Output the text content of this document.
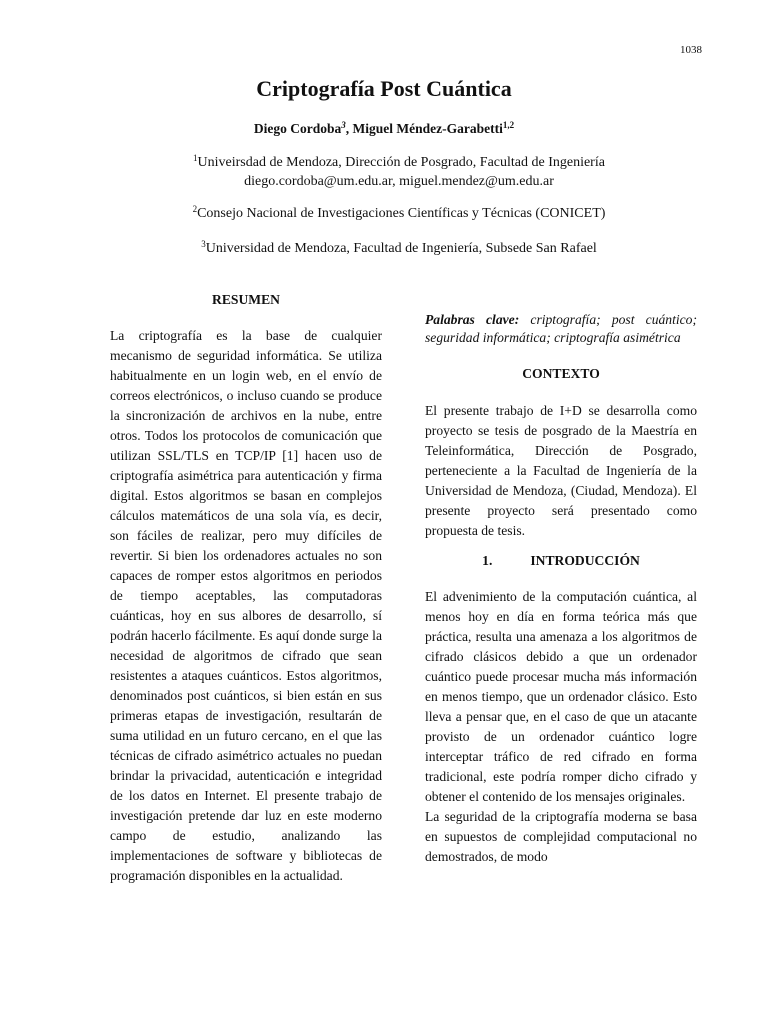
1038
Criptografía Post Cuántica
Diego Cordoba$^3$, Miguel Méndez-Garabetti$^{1,2}$
$^1$Univeirsdad de Mendoza, Dirección de Posgrado, Facultad de Ingeniería
diego.cordoba@um.edu.ar, miguel.mendez@um.edu.ar
$^2$Consejo Nacional de Investigaciones Científicas y Técnicas (CONICET)
$^3$Universidad de Mendoza, Facultad de Ingeniería, Subsede San Rafael
RESUMEN

La criptografía es la base de cualquier mecanismo de seguridad informática. Se utiliza habitualmente en un login web, en el envío de correos electrónicos, o incluso cuando se produce la sincronización de archivos en la nube, entre otros. Todos los protocolos de comunicación que utilizan SSL/TLS en TCP/IP [1] hacen uso de criptografía asimétrica para autenticación y firma digital. Estos algoritmos se basan en complejos cálculos matemáticos de una sola vía, es decir, son fáciles de realizar, pero muy difíciles de revertir. Si bien los ordenadores actuales no son capaces de romper estos algoritmos en periodos de tiempo aceptables, las computadoras cuánticas, hoy en sus albores de desarrollo, sí podrán hacerlo fácilmente. Es aquí donde surge la necesidad de algoritmos de cifrado que sean resistentes a ataques cuánticos. Estos algoritmos, denominados post cuánticos, si bien están en sus primeras etapas de investigación, resultarán de suma utilidad en un futuro cercano, en el que las técnicas de cifrado asimétrico actuales no puedan brindar la privacidad, autenticación e integridad de los datos en Internet. El presente trabajo de investigación pretende dar luz en este moderno campo de estudio, analizando las implementaciones de software y bibliotecas de programación disponibles en la actualidad.

Palabras clave: criptografía; post cuántico; seguridad informática; criptografía asimétrica

CONTEXTO

El presente trabajo de I+D se desarrolla como proyecto se tesis de posgrado de la Maestría en Teleinformática, Dirección de Posgrado, perteneciente a la Facultad de Ingeniería de la Universidad de Mendoza, (Ciudad, Mendoza). El presente proyecto será presentado como propuesta de tesis.

1.	INTRODUCCIÓN

El advenimiento de la computación cuántica, al menos hoy en día en forma teórica más que práctica, resulta una amenaza a los algoritmos de cifrado clásicos debido a que un ordenador cuántico puede procesar mucha más información en menos tiempo, que un ordenador clásico. Esto lleva a pensar que, en el caso de que un atacante provisto de un ordenador cuántico logre interceptar tráfico de red cifrado en forma tradicional, este podría romper dicho cifrado y obtener el contenido de los mensajes originales.

La seguridad de la criptografía moderna se basa en supuestos de complejidad computacional no demostrados, de modo
